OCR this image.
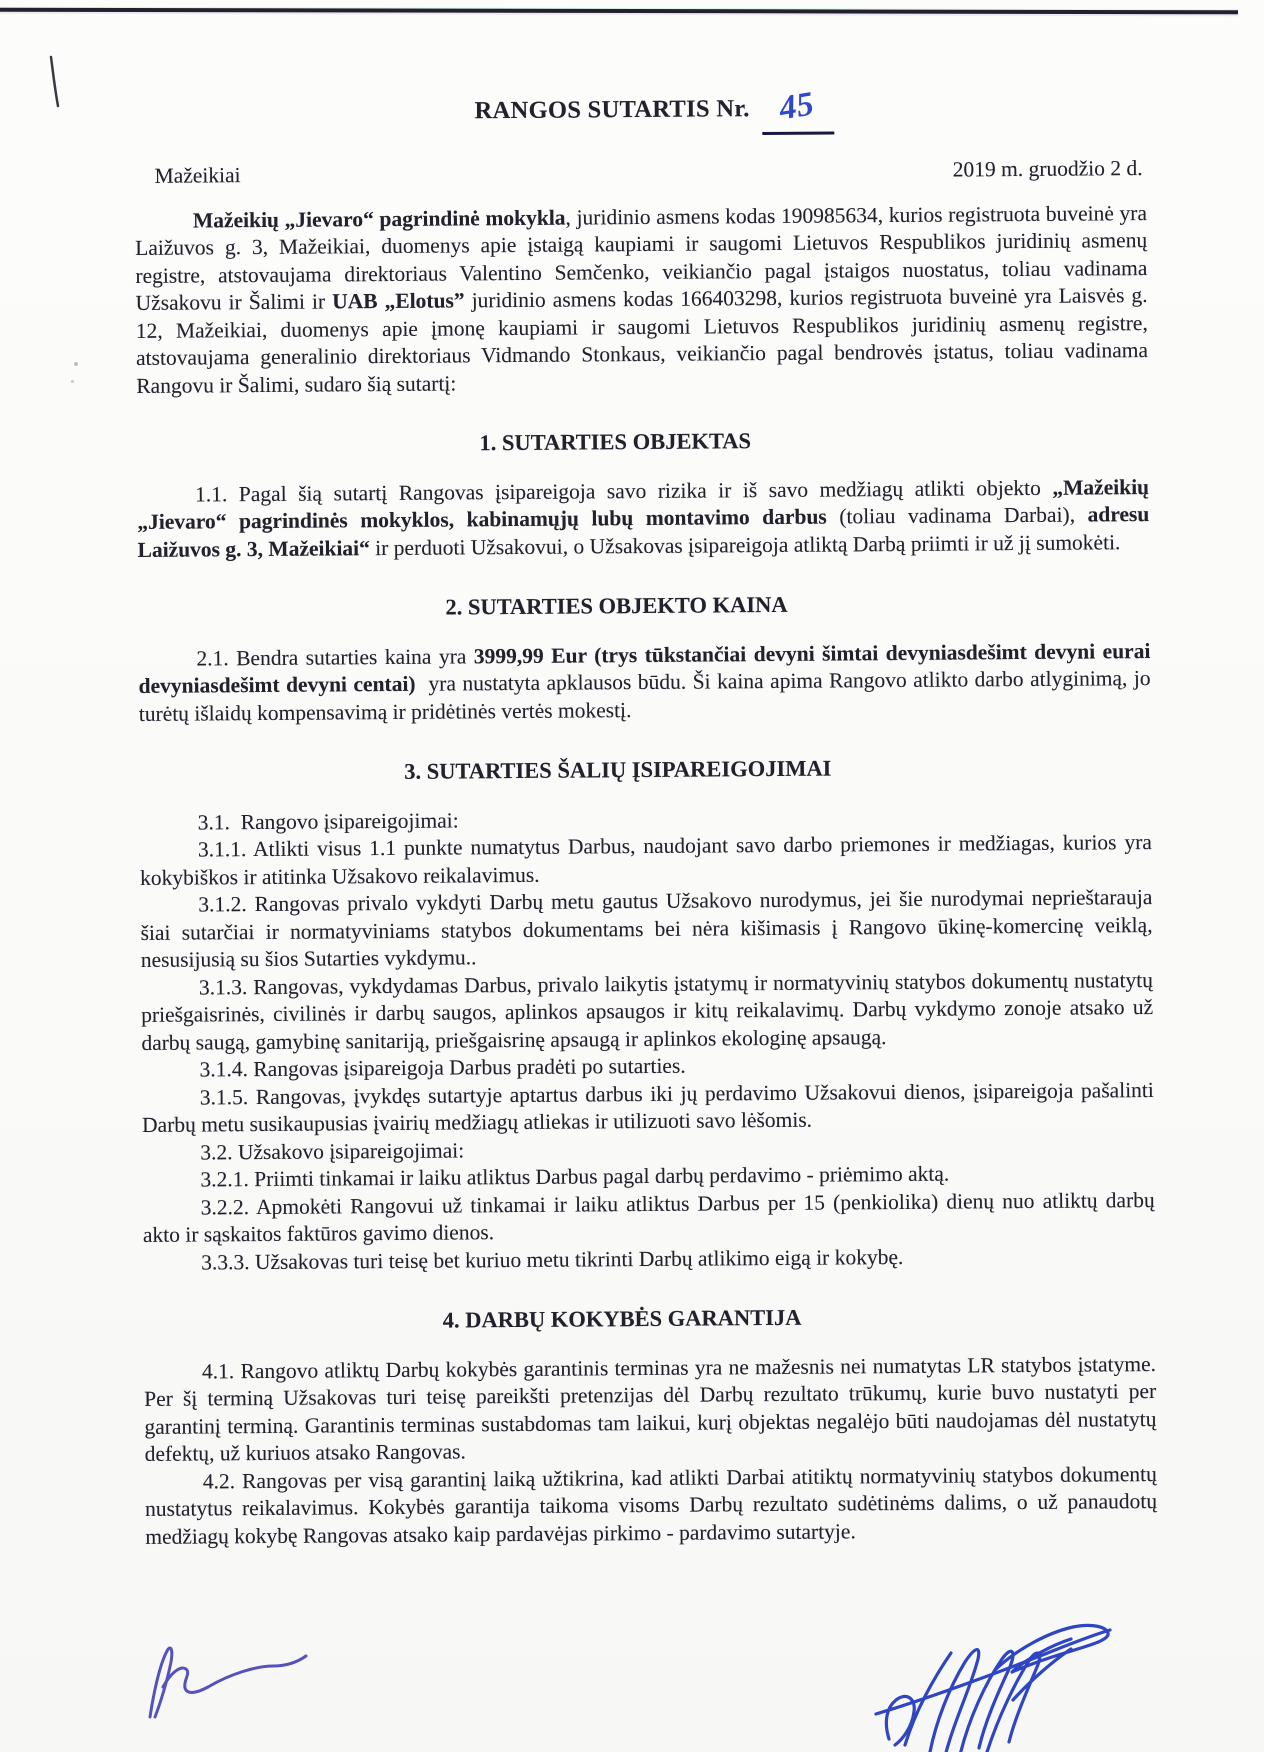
RANGOS SUTARTIS Nr. 45
Mažeikiai	2019 m. gruodžio 2 d.

Mažeikių „Jievaro“ pagrindinė mokykla, juridinio asmens kodas 190985634, kurios registruota buveinė yra Laižuvos g. 3, Mažeikiai, duomenys apie įstaigą kaupiami ir saugomi Lietuvos Respublikos juridinių asmenų registre, atstovaujama direktoriaus Valentino Semčenko, veikiančio pagal įstaigos nuostatus, toliau vadinama Užsakovu ir Šalimi ir UAB „Elotus” juridinio asmens kodas 166403298, kurios registruota buveinė yra Laisvės g. 12, Mažeikiai, duomenys apie įmonę kaupiami ir saugomi Lietuvos Respublikos juridinių asmenų registre, atstovaujama generalinio direktoriaus Vidmando Stonkaus, veikiančio pagal bendrovės įstatus, toliau vadinama Rangovu ir Šalimi, sudaro šią sutartį:

1. SUTARTIES OBJEKTAS

1.1. Pagal šią sutartį Rangovas įsipareigoja savo rizika ir iš savo medžiagų atlikti objekto „Mažeikių „Jievaro“ pagrindinės mokyklos, kabinamųjų lubų montavimo darbus (toliau vadinama Darbai), adresu Laižuvos g. 3, Mažeikiai“ ir perduoti Užsakovui, o Užsakovas įsipareigoja atliktą Darbą priimti ir už jį sumokėti.

2. SUTARTIES OBJEKTO KAINA

2.1. Bendra sutarties kaina yra 3999,99 Eur (trys tūkstančiai devyni šimtai devyniasdešimt devyni eurai devyniasdešimt devyni centai)  yra nustatyta apklausos būdu. Ši kaina apima Rangovo atlikto darbo atlyginimą, jo turėtų išlaidų kompensavimą ir pridėtinės vertės mokestį.

3. SUTARTIES ŠALIŲ ĮSIPAREIGOJIMAI

3.1.  Rangovo įsipareigojimai:

3.1.1. Atlikti visus 1.1 punkte numatytus Darbus, naudojant savo darbo priemones ir medžiagas, kurios yra kokybiškos ir atitinka Užsakovo reikalavimus.

3.1.2. Rangovas privalo vykdyti Darbų metu gautus Užsakovo nurodymus, jei šie nurodymai neprieštarauja šiai sutarčiai ir normatyviniams statybos dokumentams bei nėra kišimasis į Rangovo ūkinę-komercinę veiklą, nesusijusią su šios Sutarties vykdymu..

3.1.3. Rangovas, vykdydamas Darbus, privalo laikytis įstatymų ir normatyvinių statybos dokumentų nustatytų priešgaisrinės, civilinės ir darbų saugos, aplinkos apsaugos ir kitų reikalavimų. Darbų vykdymo zonoje atsako už darbų saugą, gamybinę sanitariją, priešgaisrinę apsaugą ir aplinkos ekologinę apsaugą.

3.1.4. Rangovas įsipareigoja Darbus pradėti po sutarties.

3.1.5. Rangovas, įvykdęs sutartyje aptartus darbus iki jų perdavimo Užsakovui dienos, įsipareigoja pašalinti Darbų metu susikaupusias įvairių medžiagų atliekas ir utilizuoti savo lėšomis.

3.2. Užsakovo įsipareigojimai:

3.2.1. Priimti tinkamai ir laiku atliktus Darbus pagal darbų perdavimo - priėmimo aktą.

3.2.2. Apmokėti Rangovui už tinkamai ir laiku atliktus Darbus per 15 (penkiolika) dienų nuo atliktų darbų akto ir sąskaitos faktūros gavimo dienos.

3.3.3. Užsakovas turi teisę bet kuriuo metu tikrinti Darbų atlikimo eigą ir kokybę.

4. DARBŲ KOKYBĖS GARANTIJA

4.1. Rangovo atliktų Darbų kokybės garantinis terminas yra ne mažesnis nei numatytas LR statybos įstatyme. Per šį terminą Užsakovas turi teisę pareikšti pretenzijas dėl Darbų rezultato trūkumų, kurie buvo nustatyti per  garantinį terminą. Garantinis terminas sustabdomas tam laikui, kurį objektas negalėjo būti naudojamas dėl nustatytų defektų, už kuriuos atsako Rangovas.

4.2. Rangovas per visą garantinį laiką užtikrina, kad atlikti Darbai atitiktų normatyvinių statybos dokumentų nustatytus reikalavimus. Kokybės garantija taikoma visoms Darbų rezultato sudėtinėms dalims, o už panaudotų medžiagų kokybę Rangovas atsako kaip pardavėjas pirkimo - pardavimo sutartyje.
